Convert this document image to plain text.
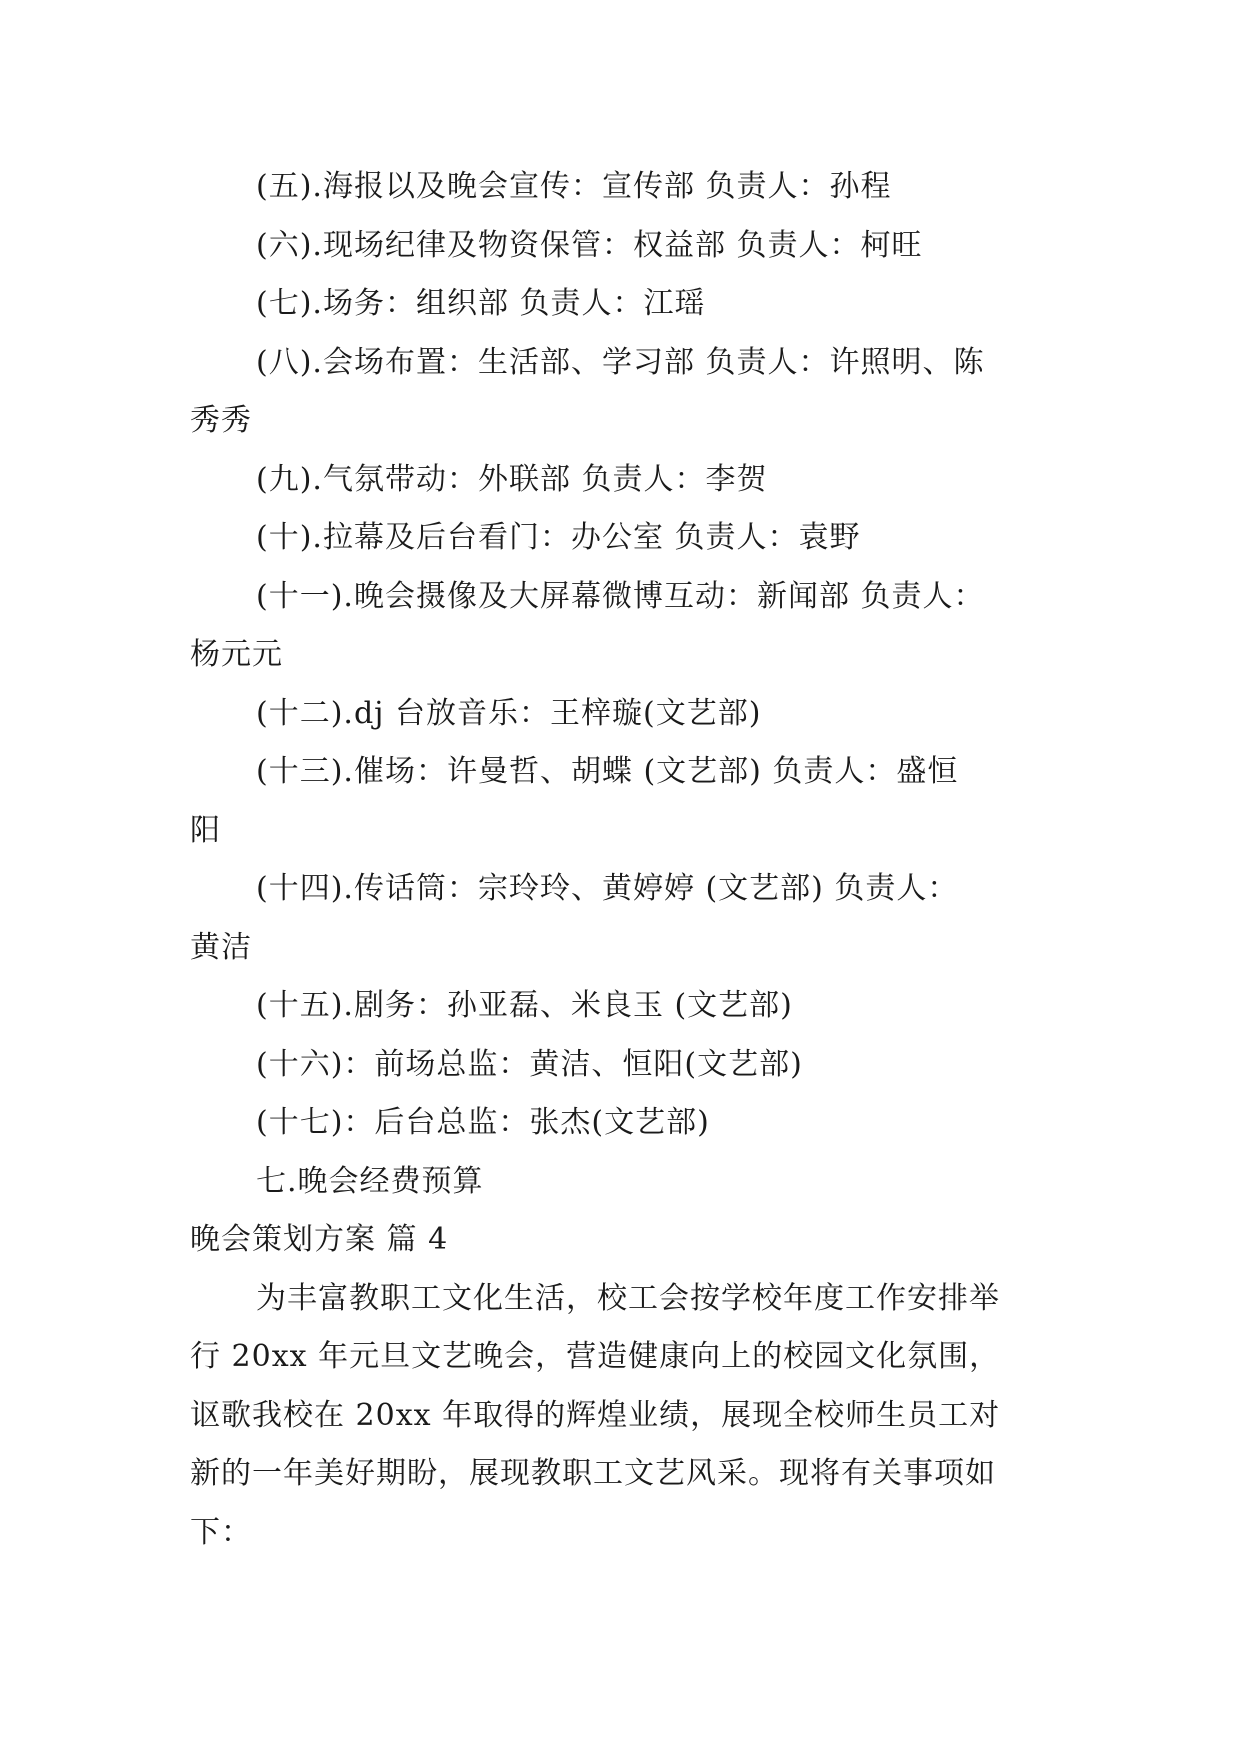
(五).海报以及晚会宣传：宣传部 负责人：孙程
(六).现场纪律及物资保管：权益部 负责人：柯旺
(七).场务：组织部 负责人：江瑶
(八).会场布置：生活部、学习部 负责人：许照明、陈
秀秀
(九).气氛带动：外联部 负责人：李贺
(十).拉幕及后台看门：办公室 负责人：袁野
(十一).晚会摄像及大屏幕微博互动：新闻部 负责人：
杨元元
(十二).dj 台放音乐：王梓璇(文艺部)
(十三).催场：许曼哲、胡蝶 (文艺部) 负责人：盛恒
阳
(十四).传话筒：宗玲玲、黄婷婷 (文艺部) 负责人：
黄洁
(十五).剧务：孙亚磊、米良玉 (文艺部)
(十六)：前场总监：黄洁、恒阳(文艺部)
(十七)：后台总监：张杰(文艺部)
七.晚会经费预算
晚会策划方案 篇 4
为丰富教职工文化生活，校工会按学校年度工作安排举
行 20xx 年元旦文艺晚会，营造健康向上的校园文化氛围，
讴歌我校在 20xx 年取得的辉煌业绩，展现全校师生员工对
新的一年美好期盼，展现教职工文艺风采。现将有关事项如
下：
